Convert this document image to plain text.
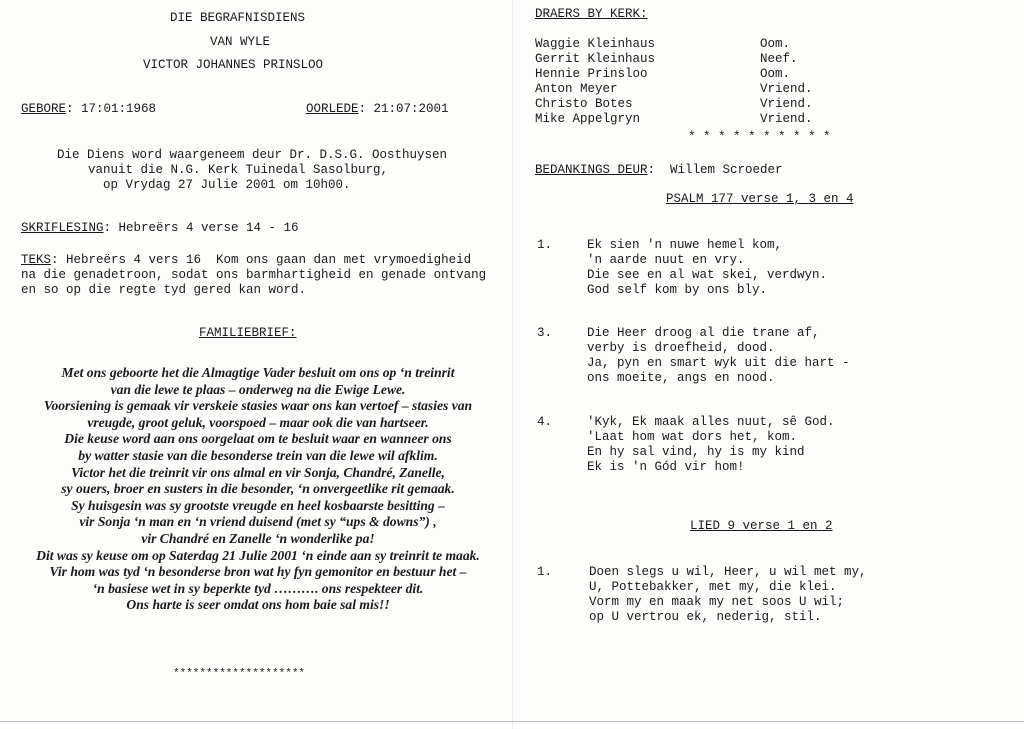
DIE BEGRAFNISDIENS
VAN WYLE
VICTOR JOHANNES PRINSLOO
GEBORE: 17:01:1968	OORLEDE: 21:07:2001
Die Diens word waargeneem deur Dr. D.S.G. Oosthuysen
vanuit die N.G. Kerk Tuinedal Sasolburg,
op Vrydag 27 Julie 2001 om 10h00.
SKRIFLESING: Hebreërs 4 verse 14 - 16
TEKS: Hebreërs 4 vers 16  Kom ons gaan dan met vrymoedigheid
na die genadetroon, sodat ons barmhartigheid en genade ontvang
en so op die regte tyd gered kan word.
FAMILIEBRIEF:
********************
Met ons geboorte het die Almagtige Vader besluit om ons op ‘n treinrit
van die lewe te plaas – onderweg na die Ewige Lewe.
Voorsiening is gemaak vir verskeie stasies waar ons kan vertoef – stasies van
vreugde, groot geluk, voorspoed – maar ook die van hartseer.
Die keuse word aan ons oorgelaat om te besluit waar en wanneer ons
by watter stasie van die besonderse trein van die lewe wil afklim.
Victor het die treinrit vir ons almal en vir Sonja, Chandré, Zanelle,
sy ouers, broer en susters in die besonder, ‘n onvergeetlike rit gemaak.
Sy huisgesin was sy grootste vreugde en heel kosbaarste besitting –
vir Sonja ‘n man en ‘n vriend duisend (met sy “ups & downs”) ,
vir Chandré en Zanelle ‘n wonderlike pa!
Dit was sy keuse om op Saterdag 21 Julie 2001 ‘n einde aan sy treinrit te maak.
Vir hom was tyd ‘n besonderse bron wat hy fyn gemonitor en bestuur het –
‘n basiese wet in sy beperkte tyd ………. ons respekteer dit.
Ons harte is seer omdat ons hom baie sal mis!!
DRAERS BY KERK:
Waggie Kleinhaus	Oom.
Gerrit Kleinhaus	Neef.
Hennie Prinsloo	Oom.
Anton Meyer	Vriend.
Christo Botes	Vriend.
Mike Appelgryn	Vriend.
* * * * * * * * * *
BEDANKINGS DEUR:  Willem Scroeder
PSALM 177 verse 1, 3 en 4
1.	Ek sien 'n nuwe hemel kom,
'n aarde nuut en vry.
Die see en al wat skei, verdwyn.
God self kom by ons bly.
3.	Die Heer droog al die trane af,
verby is droefheid, dood.
Ja, pyn en smart wyk uit die hart -
ons moeite, angs en nood.
4.	'Kyk, Ek maak alles nuut, sê God.
'Laat hom wat dors het, kom.
En hy sal vind, hy is my kind
Ek is 'n Gód vir hom!
LIED 9 verse 1 en 2
1.	Doen slegs u wil, Heer, u wil met my,
U, Pottebakker, met my, die klei.
Vorm my en maak my net soos U wil;
op U vertrou ek, nederig, stil.
